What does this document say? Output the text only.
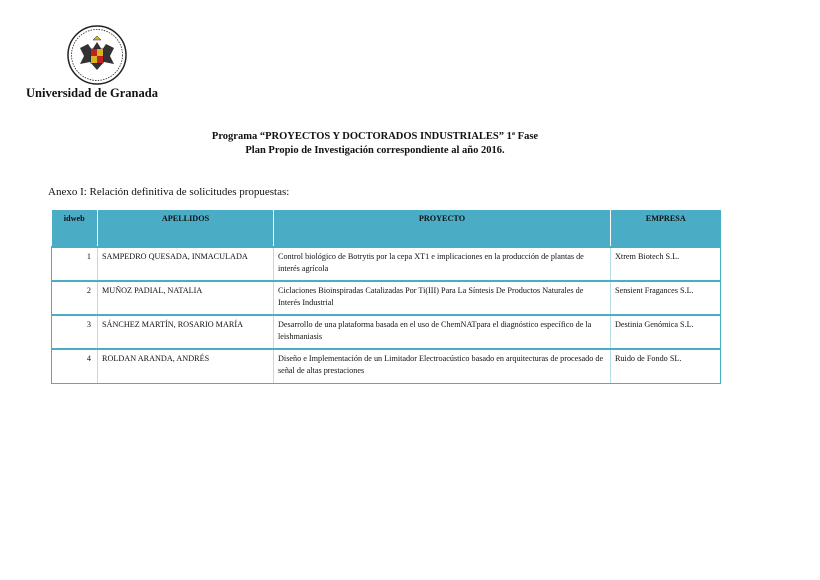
Universidad de Granada
Programa “PROYECTOS Y DOCTORADOS INDUSTRIALES” 1ª Fase
Plan Propio de Investigación correspondiente al año 2016.
Anexo I: Relación definitiva de solicitudes propuestas:
idweb	APELLIDOS	PROYECTO	EMPRESA
1	SAMPEDRO QUESADA, INMACULADA	Control biológico de Botrytis por la cepa XT1 e implicaciones en la producción de plantas de interés agrícola	Xtrem Biotech S.L.
2	MUÑOZ PADIAL, NATALIA	Ciclaciones Bioinspiradas Catalizadas Por Ti(III) Para La Síntesis De Productos Naturales de Interés Industrial	Sensient Fragances S.L.
3	SÁNCHEZ MARTÍN, ROSARIO MARÍA	Desarrollo de una plataforma basada en el uso de ChemNATpara el diagnóstico específico de la leishmaniasis	Destinia Genómica S.L.
4	ROLDAN ARANDA, ANDRÉS	Diseño e Implementación de un Limitador Electroacústico basado en arquitecturas de procesado de señal de altas prestaciones	Ruido de Fondo SL.
